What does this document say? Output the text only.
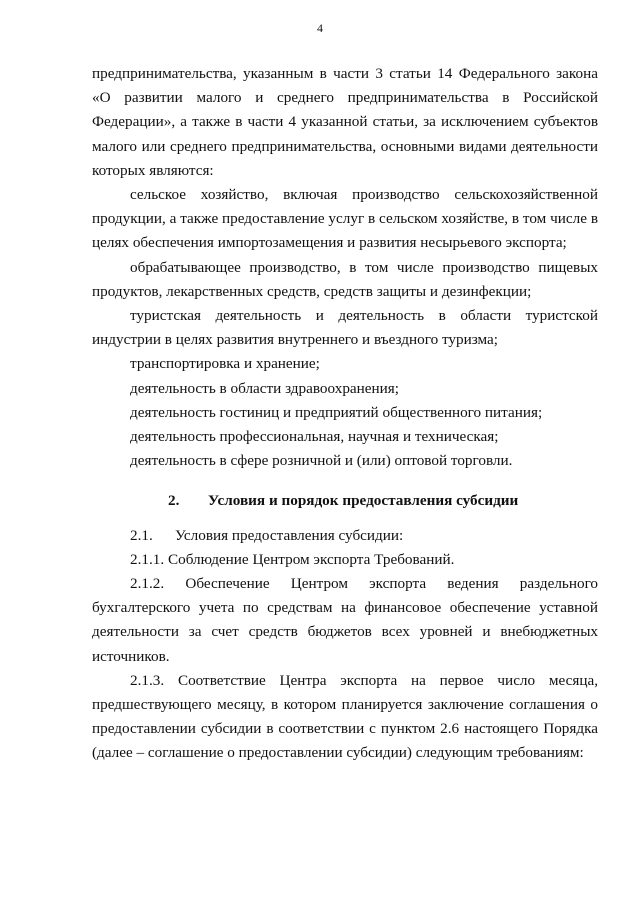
4

предпринимательства, указанным в части 3 статьи 14 Федерального закона «О развитии малого и среднего предпринимательства в Российской Федерации», а также в части 4 указанной статьи, за исключением субъектов малого или среднего предпринимательства, основными видами деятельности которых являются:

сельское хозяйство, включая производство сельскохозяйственной продукции, а также предоставление услуг в сельском хозяйстве, в том числе в целях обеспечения импортозамещения и развития несырьевого экспорта;

обрабатывающее производство, в том числе производство пищевых продуктов, лекарственных средств, средств защиты и дезинфекции;

туристская деятельность и деятельность в области туристской индустрии в целях развития внутреннего и въездного туризма;

транспортировка и хранение;

деятельность в области здравоохранения;

деятельность гостиниц и предприятий общественного питания;

деятельность профессиональная, научная и техническая;

деятельность в сфере розничной и (или) оптовой торговли.

2. Условия и порядок предоставления субсидии

2.1. Условия предоставления субсидии:

2.1.1. Соблюдение Центром экспорта Требований.

2.1.2. Обеспечение Центром экспорта ведения раздельного бухгалтерского учета по средствам на финансовое обеспечение уставной деятельности за счет средств бюджетов всех уровней и внебюджетных источников.

2.1.3. Соответствие Центра экспорта на первое число месяца, предшествующего месяцу, в котором планируется заключение соглашения о предоставлении субсидии в соответствии с пунктом 2.6 настоящего Порядка (далее – соглашение о предоставлении субсидии) следующим требованиям:
